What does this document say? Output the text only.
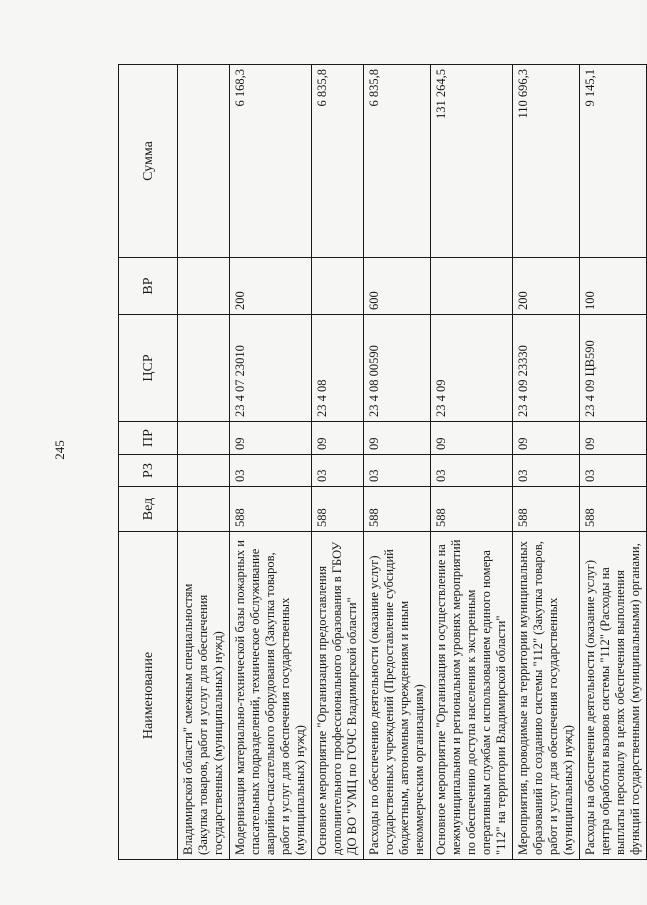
245
Наименование	Вед	РЗ	ПР	ЦСР	ВР	Сумма
Владимирской области" смежным специальностям (Закупка товаров, работ и услуг для обеспечения государственных (муниципальных) нужд)						
Модернизация материально-технической базы пожарных и спасательных подразделений, техническое обслуживание аварийно-спасательного оборудования (Закупка товаров, работ и услуг для обеспечения государственных (муниципальных) нужд)	588	03	09	23 4 07 23010	200	6 168,3
Основное мероприятие "Организация предоставления дополнительного профессионального образования в ГБОУ ДО ВО "УМЦ по ГОЧС Владимирской области"	588	03	09	23 4 08		6 835,8
Расходы по обеспечению деятельности (оказание услуг) государственных учреждений (Предоставление субсидий бюджетным, автономным учреждениям и иным некоммерческим организациям)	588	03	09	23 4 08 00590	600	6 835,8
Основное мероприятие "Организация и осуществление на межмуниципальном и региональном уровнях мероприятий по обеспечению доступа населения к экстренным оперативным службам с использованием единого номера "112" на территории Владимирской области"	588	03	09	23 4 09		131 264,5
Мероприятия, проводимые на территории муниципальных образований по созданию системы "112" (Закупка товаров, работ и услуг для обеспечения государственных (муниципальных) нужд)	588	03	09	23 4 09 23330	200	110 696,3
Расходы на обеспечение деятельности (оказание услуг) центра обработки вызовов системы "112" (Расходы на выплаты персоналу в целях обеспечения выполнения функций государственными (муниципальными) органами,	588	03	09	23 4 09 ЦВ590	100	9 145,1
